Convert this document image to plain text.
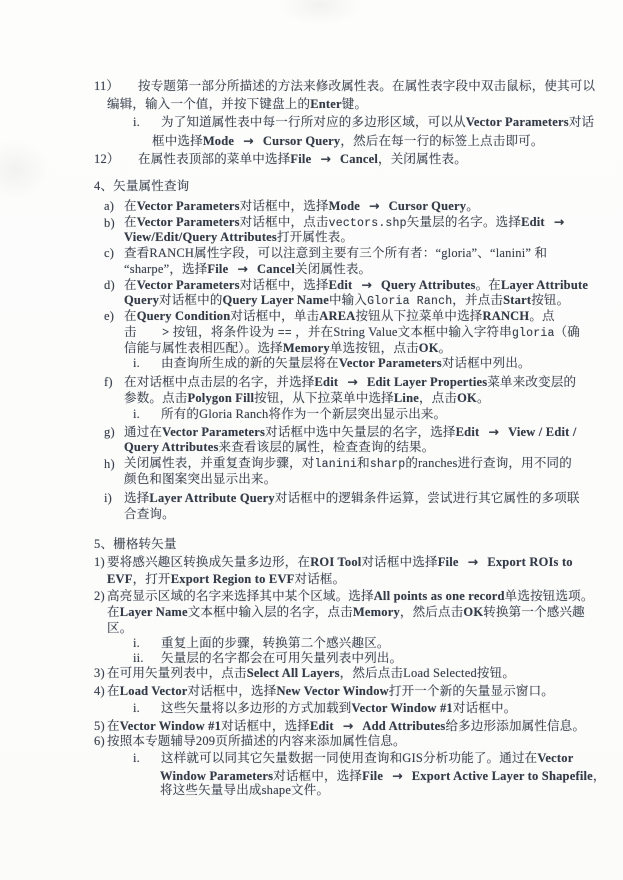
11） 按专题第一部分所描述的方法来修改属性表。在属性表字段中双击鼠标，使其可以
编辑，输入一个值，并按下键盘上的Enter键。
i. 为了知道属性表中每一行所对应的多边形区域，可以从Vector Parameters对话
框中选择Mode → Cursor Query，然后在每一行的标签上点击即可。
12） 在属性表顶部的菜单中选择File → Cancel，关闭属性表。
4、矢量属性查询
a) 在Vector Parameters对话框中，选择Mode → Cursor Query。
b) 在Vector Parameters对话框中，点击vectors.shp矢量层的名字。选择Edit →
View/Edit/Query Attributes打开属性表。
c) 查看RANCH属性字段，可以注意到主要有三个所有者：“gloria”、“lanini” 和
“sharpe”，选择File → Cancel关闭属性表。
d) 在Vector Parameters对话框中，选择Edit → Query Attributes。在Layer Attribute
Query对话框中的Query Layer Name中输入Gloria Ranch，并点击Start按钮。
e) 在Query Condition对话框中，单击AREA按钮从下拉菜单中选择RANCH。点
击　　> 按钮，将条件设为 == ，并在String Value文本框中输入字符串gloria（确
信能与属性表相匹配）。选择Memory单选按钮，点击OK。
i. 由查询所生成的新的矢量层将在Vector Parameters对话框中列出。
f) 在对话框中点击层的名字，并选择Edit → Edit Layer Properties菜单来改变层的
参数。点击Polygon Fill按钮，从下拉菜单中选择Line，点击OK。
i. 所有的Gloria Ranch将作为一个新层突出显示出来。
g) 通过在Vector Parameters对话框中选中矢量层的名字，选择Edit → View / Edit /
Query Attributes来查看该层的属性，检查查询的结果。
h) 关闭属性表，并重复查询步骤，对lanini和sharp的ranches进行查询，用不同的
颜色和图案突出显示出来。
i) 选择Layer Attribute Query对话框中的逻辑条件运算，尝试进行其它属性的多项联
合查询。
5、栅格转矢量
1) 要将感兴趣区转换成矢量多边形，在ROI Tool对话框中选择File → Export ROIs to
EVF，打开Export Region to EVF对话框。
2) 高亮显示区域的名字来选择其中某个区域。选择All points as one record单选按钮选项。
在Layer Name文本框中输入层的名字，点击Memory，然后点击OK转换第一个感兴趣
区。
i. 重复上面的步骤，转换第二个感兴趣区。
ii. 矢量层的名字都会在可用矢量列表中列出。
3) 在可用矢量列表中，点击Select All Layers，然后点击Load Selected按钮。
4) 在Load Vector对话框中，选择New Vector Window打开一个新的矢量显示窗口。
i. 这些矢量将以多边形的方式加载到Vector Window #1对话框中。
5) 在Vector Window #1对话框中，选择Edit → Add Attributes给多边形添加属性信息。
6) 按照本专题辅导209页所描述的内容来添加属性信息。
i. 这样就可以同其它矢量数据一同使用查询和GIS分析功能了。通过在Vector
Window Parameters对话框中，选择File → Export Active Layer to Shapefile，
将这些矢量导出成shape文件。
